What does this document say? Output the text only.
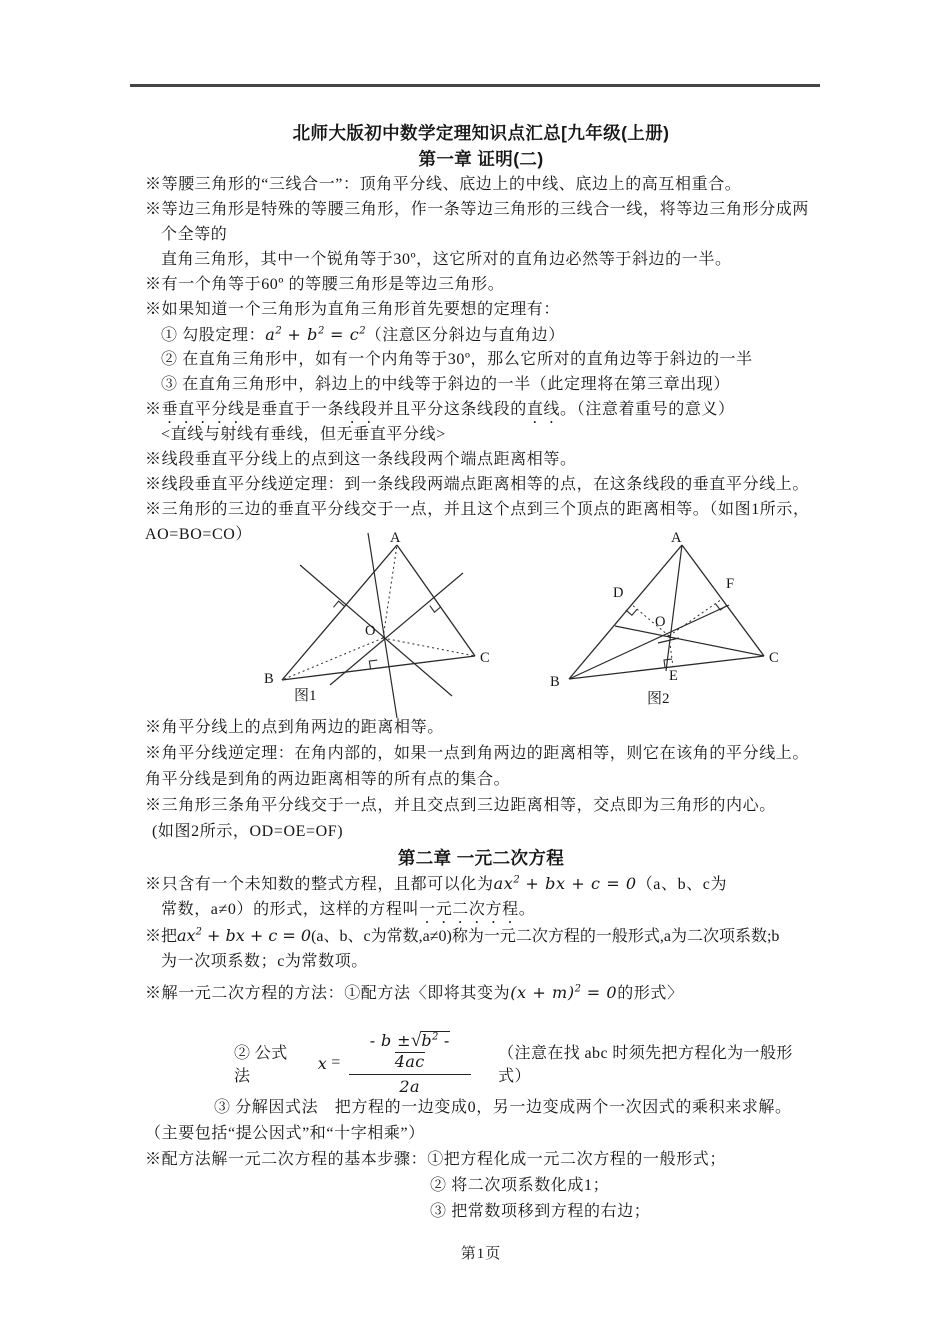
北师大版初中数学定理知识点汇总[九年级(上册)
第一章 证明(二)
※等腰三角形的“三线合一”：顶角平分线、底边上的中线、底边上的高互相重合。
※等边三角形是特殊的等腰三角形，作一条等边三角形的三线合一线，将等边三角形分成两
个全等的
直角三角形，其中一个锐角等于30º，这它所对的直角边必然等于斜边的一半。
※有一个角等于60º 的等腰三角形是等边三角形。
※如果知道一个三角形为直角三角形首先要想的定理有：
① 勾股定理：$a^2 + b^2 = c^2$（注意区分斜边与直角边）
② 在直角三角形中，如有一个内角等于30º，那么它所对的直角边等于斜边的一半
③ 在直角三角形中，斜边上的中线等于斜边的一半（此定理将在第三章出现）
※垂直平分线是垂直于一条线段并且平分这条线段的直线。（注意着重号的意义）
<直线与射线有垂线，但无垂直平分线>
※线段垂直平分线上的点到这一条线段两个端点距离相等。
※线段垂直平分线逆定理：到一条线段两端点距离相等的点，在这条线段的垂直平分线上。
※三角形的三边的垂直平分线交于一点，并且这个点到三个顶点的距离相等。（如图1所示，
AO=BO=CO）	A
B
C
O
图1
A
B
C
D
F
E
O
图2
※角平分线上的点到角两边的距离相等。
※角平分线逆定理：在角内部的，如果一点到角两边的距离相等，则它在该角的平分线上。
角平分线是到角的两边距离相等的所有点的集合。
※三角形三条角平分线交于一点，并且交点到三边距离相等，交点即为三角形的内心。
(如图2所示，OD=OE=OF)
第二章 一元二次方程
※只含有一个未知数的整式方程，且都可以化为$ax^2$ + bx + c = 0（a、b、c为
常数，a≠0）的形式，这样的方程叫一元二次方程。
※把$ax^2$ + bx + c = 0(a、b、c为常数,a≠0)称为一元二次方程的一般形式,a为二次项系数;b
为一次项系数；c为常数项。
※解一元二次方程的方法：①配方法〈即将其变为$(x + m)^2 = 0$的形式〉
② 公式法
$x = \frac{- b \pm√b^2 - 4ac}{2a}$ （注意在找 abc 时须先把方程化为一般形式）
③ 分解因式法　把方程的一边变成0，另一边变成两个一次因式的乘积来求解。
（主要包括“提公因式”和“十字相乘”）
※配方法解一元二次方程的基本步骤：①把方程化成一元二次方程的一般形式；
② 将二次项系数化成1；
③ 把常数项移到方程的右边；
第1页
